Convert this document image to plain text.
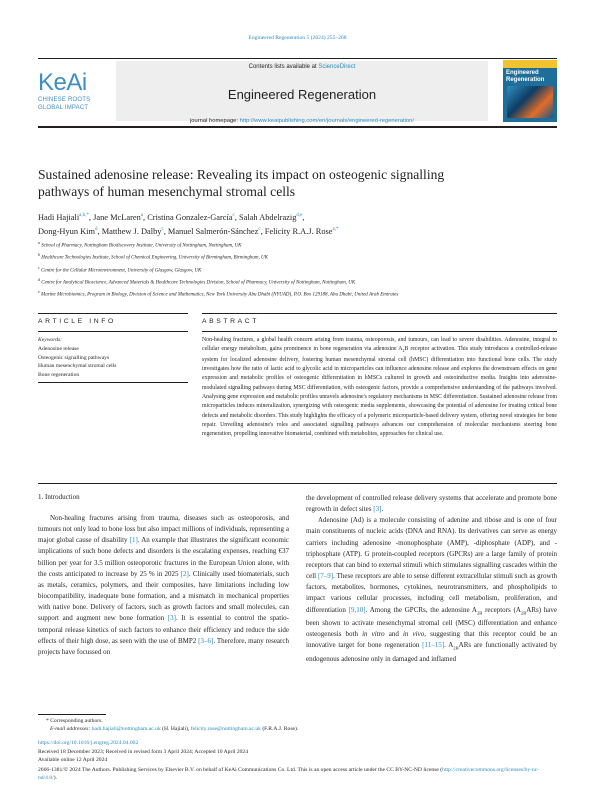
Engineered Regeneration 5 (2024) 255–268
KeAi
CHINESE ROOTS
GLOBAL IMPACT
Contents lists available at ScienceDirect
Engineered Regeneration
journal homepage: http://www.keaipublishing.com/en/journals/engineered-regeneration/
Engineered Regeneration
Sustained adenosine release: Revealing its impact on osteogenic signalling pathways of human mesenchymal stromal cells
Hadi Hajiali$^{a,b,*}$, Jane McLaren$^a$, Cristina Gonzalez-García$^c$, Salah Abdelrazig$^{d,e}$,
Dong-Hyun Kim$^d$, Matthew J. Dalby$^c$, Manuel Salmerón-Sánchez$^c$, Felicity R.A.J. Rose$^{a,*}$
$^a$ School of Pharmacy, Nottingham Biodiscovery Institute, University of Nottingham, Nottingham, UK
$^b$ Healthcare Technologies Institute, School of Chemical Engineering, University of Birmingham, Birmingham, UK
$^c$ Centre for the Cellular Microenvironment, University of Glasgow, Glasgow, UK
$^d$ Centre for Analytical Bioscience, Advanced Materials & Healthcare Technologies Division, School of Pharmacy, University of Nottingham, Nottingham, UK
$^e$ Marine Microbiomics, Program in Biology, Division of Science and Mathematics, New York University Abu Dhabi (NYUAD), P.O. Box 129188, Abu Dhabi, United Arab Emirates
ARTICLE INFO
Keywords:
Adenosine release
Osteogenic signalling pathways
Human mesenchymal stromal cells
Bone regeneration
ABSTRACT
Non-healing fractures, a global health concern arising from trauma, osteoporosis, and tumours, can lead to severe disabilities. Adenosine, integral to cellular energy metabolism, gains prominence in bone regeneration via adenosine $A_2B$ receptor activation. This study introduces a controlled-release system for localized adenosine delivery, fostering human mesenchymal stromal cell (hMSC) differentiation into functional bone cells. The study investigates how the ratio of lactic acid to glycolic acid in microparticles can influence adenosine release and explores the downstream effects on gene expression and metabolic profiles of osteogenic differentiation in hMSCs cultured in growth and osteoinductive media. Insights into adenosine-modulated signalling pathways during MSC differentiation, with osteogenic factors, provide a comprehensive understanding of the pathways involved. Analysing gene expression and metabolic profiles unravels adenosine's regulatory mechanisms in MSC differentiation. Sustained adenosine release from microparticles induces mineralization, synergizing with osteogenic media supplements, showcasing the potential of adenosine for treating critical bone defects and metabolic disorders. This study highlights the efficacy of a polymeric microparticle-based delivery system, offering novel strategies for bone repair. Unveiling adenosine's roles and associated signalling pathways advances our comprehension of molecular mechanisms steering bone regeneration, propelling innovative biomaterial, combined with metabolites, approaches for clinical use.
1. Introduction

Non-healing fractures arising from trauma, diseases such as osteoporosis, and tumours not only lead to bone loss but also impact millions of individuals, representing a major global cause of disability [1]. An example that illustrates the significant economic implications of such bone defects and disorders is the escalating expenses, reaching €37 billion per year for 3.5 million osteoporotic fractures in the European Union alone, with the costs anticipated to increase by 25 % in 2025 [2]. Clinically used biomaterials, such as metals, ceramics, polymers, and their composites, have limitations including low biocompatibility, inadequate bone formation, and a mismatch in mechanical properties with native bone. Delivery of factors, such as growth factors and small molecules, can support and augment new bone formation [3]. It is essential to control the spatio-temporal release kinetics of such factors to enhance their efficiency and reduce the side effects of their high dose, as seen with the use of BMP2 [3–6]. Therefore, many research projects have focussed on

the development of controlled release delivery systems that accelerate and promote bone regrowth in defect sites [3].

Adenosine (Ad) is a molecule consisting of adenine and ribose and is one of four main constituents of nucleic acids (DNA and RNA). Its derivatives can serve as energy carriers including adenosine -monophosphate (AMP), -diphosphate (ADP), and -triphosphate (ATP). G protein-coupled receptors (GPCRs) are a large family of protein receptors that can bind to external stimuli which stimulates signalling cascades within the cell [7–9]. These receptors are able to sense different extracellular stimuli such as growth factors, metabolites, hormones, cytokines, neurotransmitters, and phospholipids to impact various cellular processes, including cell metabolism, proliferation, and differentiation [9,10]. Among the GPCRs, the adenosine $A_{2B}$ receptors $(A_{2B}ARs)$ have been shown to activate mesenchymal stromal cell (MSC) differentiation and enhance osteogenesis both in vitro and in vivo, suggesting that this receptor could be an innovative target for bone regeneration [11–15]. $A_{2B}ARs$ are functionally activated by endogenous adenosine only in damaged and inflamed

* Corresponding authors.
E-mail addresses: hadi.hajiali@nottingham.ac.uk (H. Hajiali), felicity.rose@nottingham.ac.uk (F.R.A.J. Rose).
https://doi.org/10.1016/j.engreg.2024.04.002
Received 18 December 2023; Received in revised form 3 April 2024; Accepted 10 April 2024
Available online 12 April 2024
2666-1381/© 2024 The Authors. Publishing Services by Elsevier B.V. on behalf of KeAi Communications Co. Ltd. This is an open access article under the CC BY-NC-ND license (http://creativecommons.org/licenses/by-nc-nd/4.0/).
